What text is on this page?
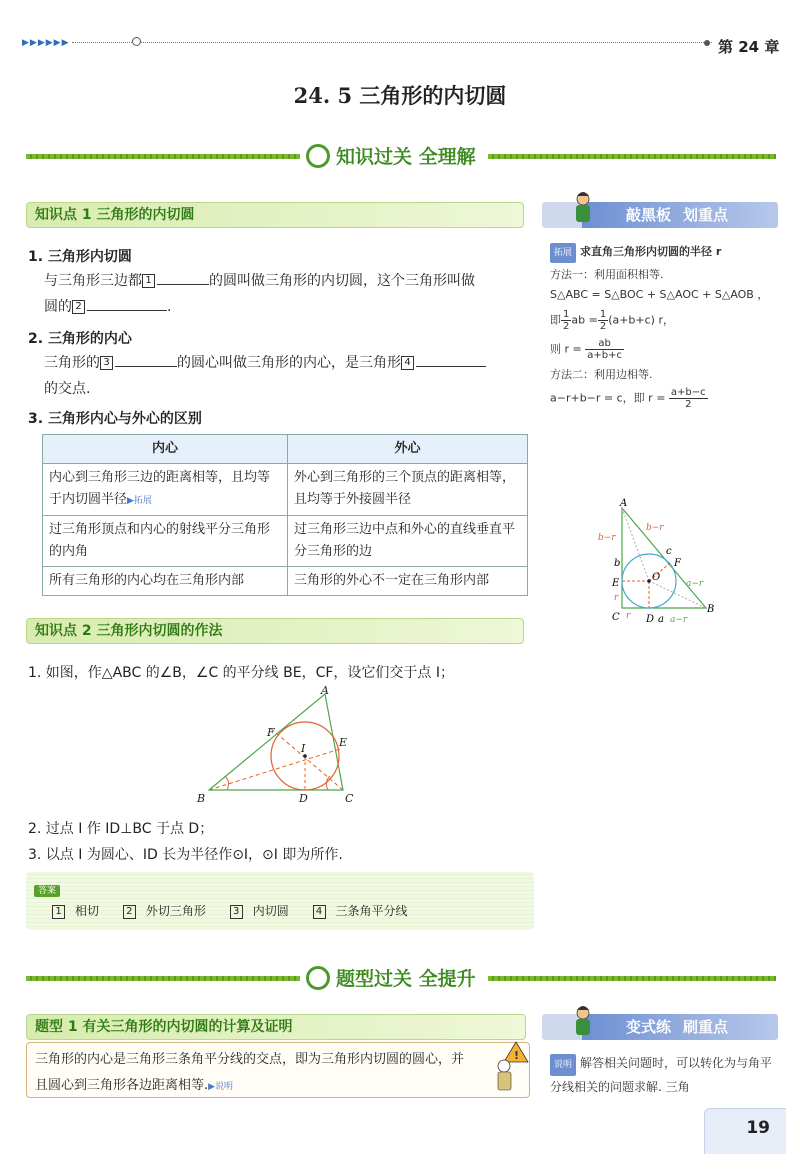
▶▶▶▶▶▶	第 24 章
24. 5 三角形的内切圆
知识过关 全理解
知识点 1 三角形的内切圆
1. 三角形内切圆
与三角形三边都 1	的圆叫做三角形的内切圆，这个三角形叫做
圆的 2	.
2. 三角形的内心
三角形的 3	的圆心叫做三角形的内心，是三角形 4
的交点.
3. 三角形内心与外心的区别
内心	外心
内心到三角形三边的距离相等，且均等于内切圆半径▶拓展	外心到三角形的三个顶点的距离相等，且均等于外接圆半径
过三角形顶点和内心的射线平分三角形的内角	过三角形三边中点和外心的直线垂直平分三角形的边
所有三角形的内心均在三角形内部	三角形的外心不一定在三角形内部
知识点 2 三角形内切圆的作法
1. 如图，作△ABC 的∠B，∠C 的平分线 BE，CF，设它们交于点 I；
B
A
C
D
E
F
I
2. 过点 I 作 ID⊥BC 于点 D；
3. 以点 I 为圆心、ID 长为半径作⊙I，⊙I 即为所作.
答案
1 相切	2 外切三角形	3 内切圆	4 三条角平分线
敲黑板 划重点
拓展 求直角三角形内切圆的半径 r
方法一：利用面积相等.
S△ABC = S△BOC + S△AOC + S△AOB ，
即 $\frac{1}{2}$ ab = $\frac{1}{2} (a+b+c)$ r，
则 $r = \frac{ab}{a+b+c}$
方法二：利用边相等.
a−r+b−r = c，即 $r = \frac{a+b-c}{2}$
A
C
B
D
E
F
O
a
b
c
r
r
b−r
b−r
a−r
a−r
题型过关 全提升
题型 1 有关三角形的内切圆的计算及证明
三角形的内心是三角形三条角平分线的交点，即为三角形内切圆的圆心，并且圆心到三角形各边距离相等.▶说明
!
变式练 刷重点
说明 解答相关问题时，可以转化为与角平分线相关的问题求解. 三角
19
